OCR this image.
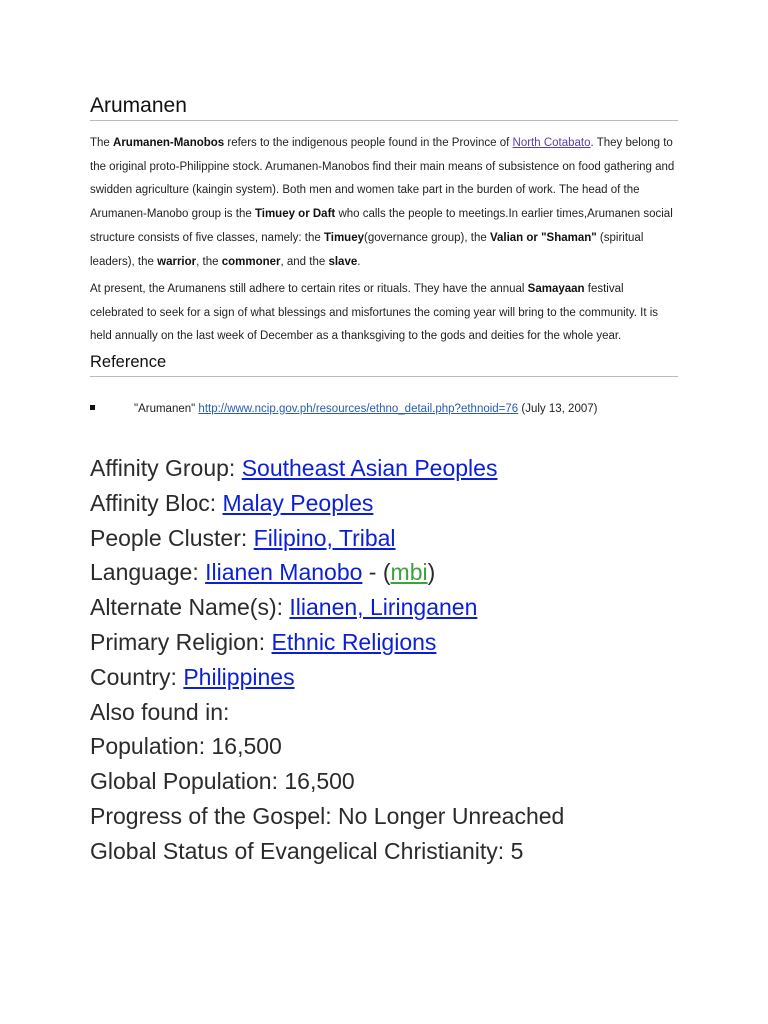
Arumanen
The Arumanen-Manobos refers to the indigenous people found in the Province of North Cotabato. They belong to the original proto-Philippine stock. Arumanen-Manobos find their main means of subsistence on food gathering and swidden agriculture (kaingin system). Both men and women take part in the burden of work. The head of the Arumanen-Manobo group is the Timuey or Daft who calls the people to meetings.In earlier times,Arumanen social structure consists of five classes, namely: the Timuey(governance group), the Valian or "Shaman" (spiritual leaders), the warrior, the commoner, and the slave.
At present, the Arumanens still adhere to certain rites or rituals. They have the annual Samayaan festival celebrated to seek for a sign of what blessings and misfortunes the coming year will bring to the community. It is held annually on the last week of December as a thanksgiving to the gods and deities for the whole year.
Reference
"Arumanen" http://www.ncip.gov.ph/resources/ethno_detail.php?ethnoid=76 (July 13, 2007)
Affinity Group: Southeast Asian Peoples
Affinity Bloc: Malay Peoples
People Cluster: Filipino, Tribal
Language: Ilianen Manobo - (mbi)
Alternate Name(s): Ilianen, Liringanen
Primary Religion: Ethnic Religions
Country: Philippines
Also found in:
Population: 16,500
Global Population: 16,500
Progress of the Gospel: No Longer Unreached
Global Status of Evangelical Christianity: 5
